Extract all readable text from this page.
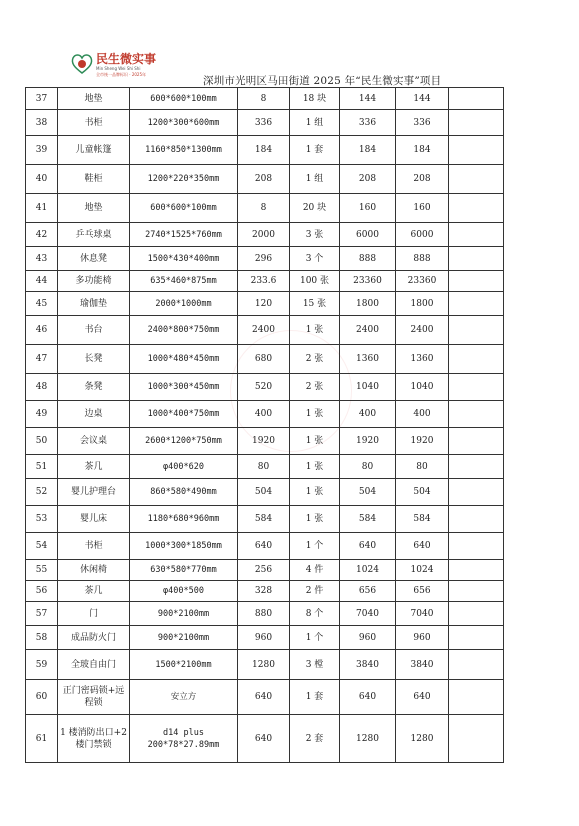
民生微实事
Min Sheng Wei Shi Shi
全市统一品牌标识 · 2025年
深圳市光明区马田街道 2025 年“民生微实事”项目
37	地垫	600*600*100mm	8	18 块	144	144	
38	书柜	1200*300*600mm	336	1 组	336	336	
39	儿童帐篷	1160*850*1300mm	184	1 套	184	184	
40	鞋柜	1200*220*350mm	208	1 组	208	208	
41	地垫	600*600*100mm	8	20 块	160	160	
42	乒乓球桌	2740*1525*760mm	2000	3 张	6000	6000	
43	休息凳	1500*430*400mm	296	3 个	888	888	
44	多功能椅	635*460*875mm	233.6	100 张	23360	23360	
45	瑜伽垫	2000*1000mm	120	15 张	1800	1800	
46	书台	2400*800*750mm	2400	1 张	2400	2400	
47	长凳	1000*480*450mm	680	2 张	1360	1360	
48	条凳	1000*300*450mm	520	2 张	1040	1040	
49	边桌	1000*400*750mm	400	1 张	400	400	
50	会议桌	2600*1200*750mm	1920	1 张	1920	1920	
51	茶几	φ400*620	80	1 张	80	80	
52	婴儿护理台	860*580*490mm	504	1 张	504	504	
53	婴儿床	1180*680*960mm	584	1 张	584	584	
54	书柜	1000*300*1850mm	640	1 个	640	640	
55	休闲椅	630*580*770mm	256	4 件	1024	1024	
56	茶几	φ400*500	328	2 件	656	656	
57	门	900*2100mm	880	8 个	7040	7040	
58	成品防火门	900*2100mm	960	1 个	960	960	
59	全玻自由门	1500*2100mm	1280	3 樘	3840	3840	
60	正门密码锁+远程锁	安立方	640	1 套	640	640	
61	1 楼消防出口+2 楼门禁锁	d14 plus 200*78*27.89mm	640	2 套	1280	1280	
